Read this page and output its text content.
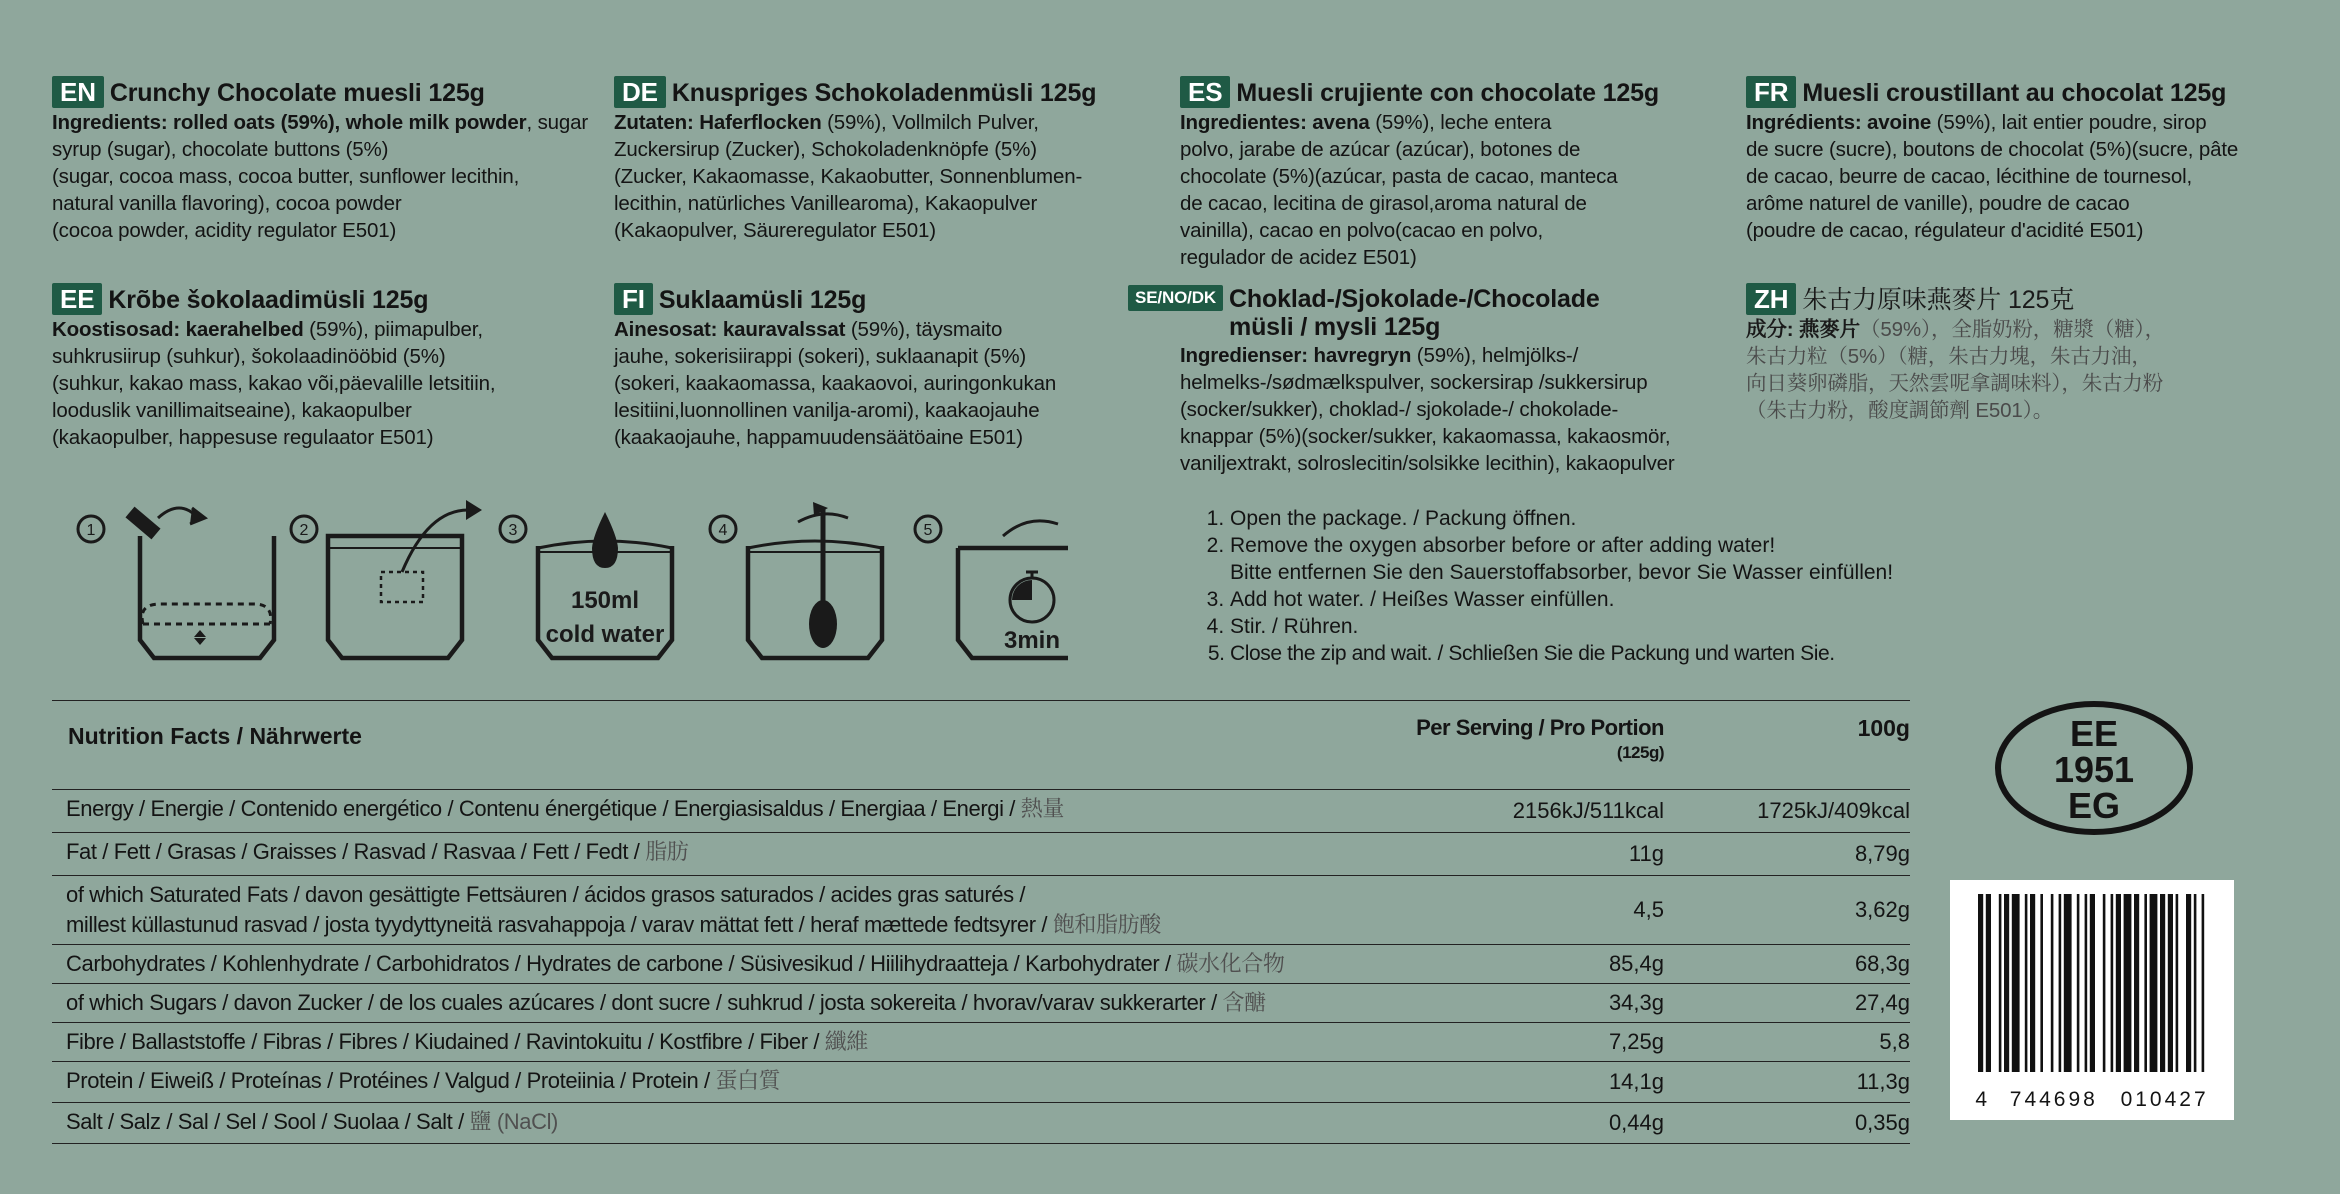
EN Crunchy Chocolate muesli 125g
Ingredients: rolled oats (59%), whole milk powder, sugar syrup (sugar), chocolate buttons (5%)
(sugar, cocoa mass, cocoa butter, sunflower lecithin,
natural vanilla flavoring), cocoa powder
(cocoa powder, acidity regulator E501)
DE Knuspriges Schokoladenmüsli 125g
Zutaten: Haferflocken (59%), Vollmilch Pulver,
Zuckersirup (Zucker), Schokoladenknöpfe (5%)
(Zucker, Kakaomasse, Kakaobutter, Sonnenblumen-
lecithin, natürliches Vanillearoma), Kakaopulver
(Kakaopulver, Säureregulator E501)
ES Muesli crujiente con chocolate 125g
Ingredientes: avena (59%), leche entera
polvo, jarabe de azúcar (azúcar), botones de
chocolate (5%)(azúcar, pasta de cacao, manteca
de cacao, lecitina de girasol,aroma natural de
vainilla), cacao en polvo(cacao en polvo,
regulador de acidez E501)
FR Muesli croustillant au chocolat 125g
Ingrédients: avoine (59%), lait entier poudre, sirop
de sucre (sucre), boutons de chocolat (5%)(sucre, pâte
de cacao, beurre de cacao, lécithine de tournesol,
arôme naturel de vanille), poudre de cacao
(poudre de cacao, régulateur d'acidité E501)
EE Krõbe šokolaadimüsli 125g
Koostisosad: kaerahelbed (59%), piimapulber,
suhkrusiirup (suhkur), šokolaadinööbid (5%)
(suhkur, kakao mass, kakao või,päevalille letsitiin,
looduslik vanillimaitseaine), kakaopulber
(kakaopulber, happesuse regulaator E501)
FI Suklaamüsli 125g
Ainesosat: kauravalssat (59%), täysmaito
jauhe, sokerisiirappi (sokeri), suklaanapit (5%)
(sokeri, kaakaomassa, kaakaovoi, auringonkukan
lesitiini,luonnollinen vanilja-aromi), kaakaojauhe
(kaakaojauhe, happamuudensäätöaine E501)
SE/NO/DK Choklad-/Sjokolade-/Chocolade
müsli / mysli 125g
Ingredienser: havregryn (59%), helmjölks-/
helmelks-/sødmælkspulver, sockersirap /sukkersirup
(socker/sukker), choklad-/ sjokolade-/ chokolade-
knappar (5%)(socker/sukker, kakaomassa, kakaosmör,
vaniljextrakt, solroslecitin/solsikke lecithin), kakaopulver
ZH 朱古力原味燕麥片 125克
成分: 燕麥片（59%），全脂奶粉，糖漿（糖），
朱古力粒（5%）（糖，朱古力塊，朱古力油，
向日葵卵磷脂，天然雲呢拿調味料），朱古力粉
（朱古力粉，酸度調節劑 E501）。
1	2	3	4	5
150ml
cold water	3min
1. Open the package. / Packung öffnen.
2. Remove the oxygen absorber before or after adding water!
Bitte entfernen Sie den Sauerstoffabsorber, bevor Sie Wasser einfüllen!
3. Add hot water. / Heißes Wasser einfüllen.
4. Stir. / Rühren.
5. Close the zip and wait. / Schließen Sie die Packung und warten Sie.
Nutrition Facts / Nährwerte	Per Serving / Pro Portion
(125g)
100g
Energy / Energie / Contenido energético / Contenu énergétique / Energiasisaldus / Energiaa / Energi / 熱量	2156kJ/511kcal	1725kJ/409kcal
Fat / Fett / Grasas / Graisses / Rasvad / Rasvaa / Fett / Fedt / 脂肪	11g	8,79g
of which Saturated Fats / davon gesättigte Fettsäuren / ácidos grasos saturados / acides gras saturés /
millest küllastunud rasvad / josta tyydyttyneitä rasvahappoja / varav mättat fett / heraf mættede fedtsyrer / 飽和脂肪酸
4,5	3,62g
Carbohydrates / Kohlenhydrate / Carbohidratos / Hydrates de carbone / Süsivesikud / Hiilihydraatteja / Karbohydrater / 碳水化合物	85,4g	68,3g
of which Sugars / davon Zucker / de los cuales azúcares / dont sucre / suhkrud / josta sokereita / hvorav/varav sukkerarter / 含醣	34,3g	27,4g
Fibre / Ballaststoffe / Fibras / Fibres / Kiudained / Ravintokuitu / Kostfibre / Fiber / 纖維	7,25g	5,8
Protein / Eiweiß / Proteínas / Protéines / Valgud / Proteiinia / Protein / 蛋白質	14,1g	11,3g
Salt / Salz / Sal / Sel / Sool / Suolaa / Salt / 鹽 (NaCl)	0,44g	0,35g
EE
1951
EG
4 744698 010427
